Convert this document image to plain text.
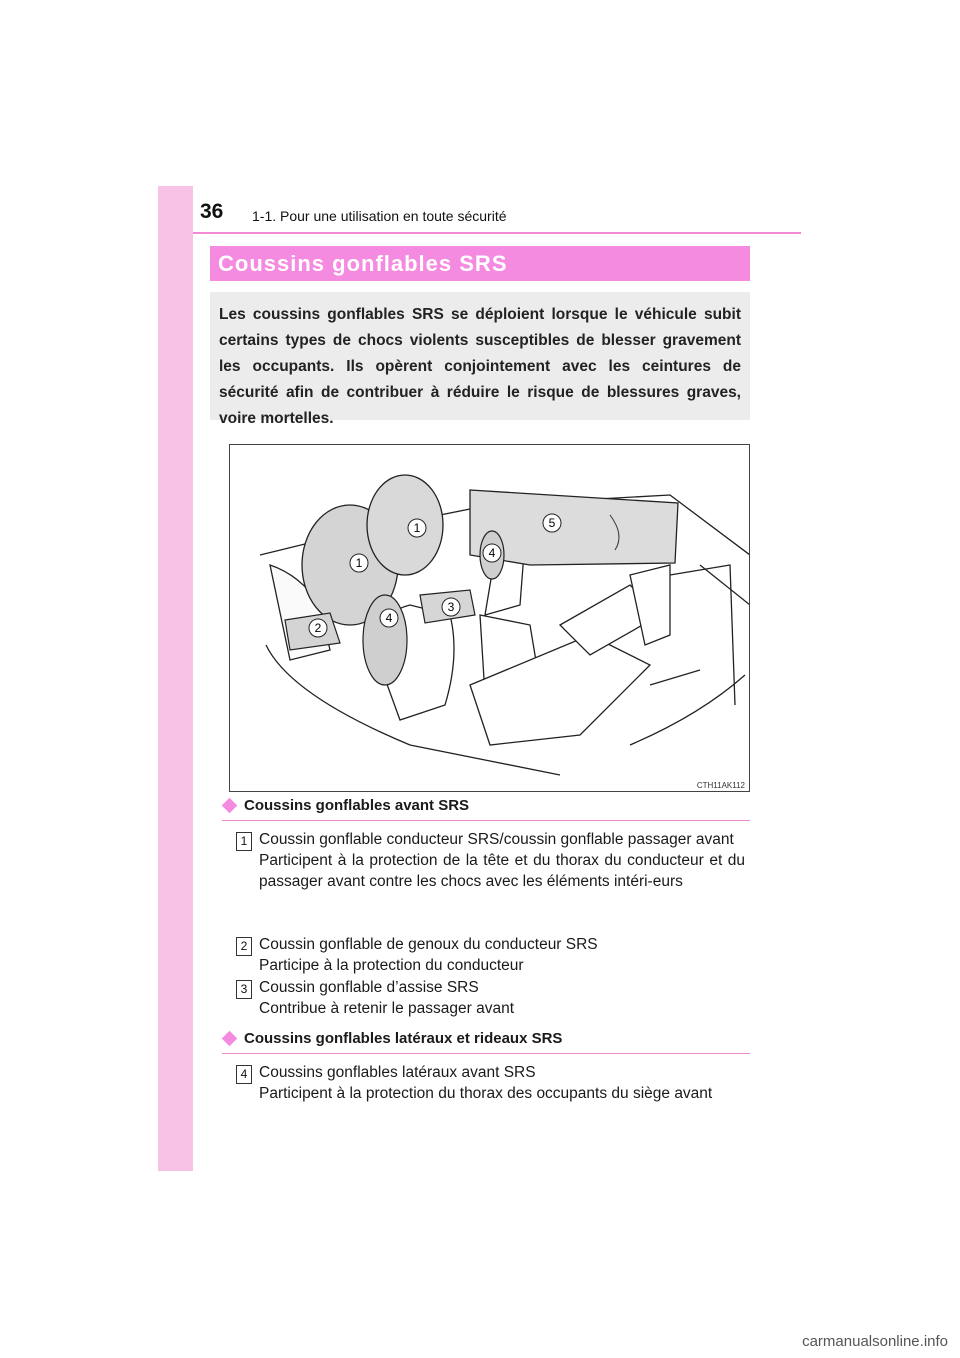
36 1-1. Pour une utilisation en toute sécurité
Coussins gonflables SRS

Les coussins gonflables SRS se déploient lorsque le véhicule subit certains types de chocs violents susceptibles de blesser gravement les occupants. Ils opèrent conjointement avec les ceintures de sécurité afin de contribuer à réduire le risque de blessures graves, voire mortelles.

1
1
2
3
4
4
5
CTH11AK112
Coussins gonflables avant SRS
1 Coussin gonflable conducteur SRS/coussin gonflable passager avant

Participent à la protection de la tête et du thorax du conducteur et du passager avant contre les chocs avec les éléments intéri-eurs

2 Coussin gonflable de genoux du conducteur SRS

Participe à la protection du conducteur

3 Coussin gonflable d’assise SRS

Contribue à retenir le passager avant

Coussins gonflables latéraux et rideaux SRS
4 Coussins gonflables latéraux avant SRS

Participent à la protection du thorax des occupants du siège avant

carmanualsonline.info
